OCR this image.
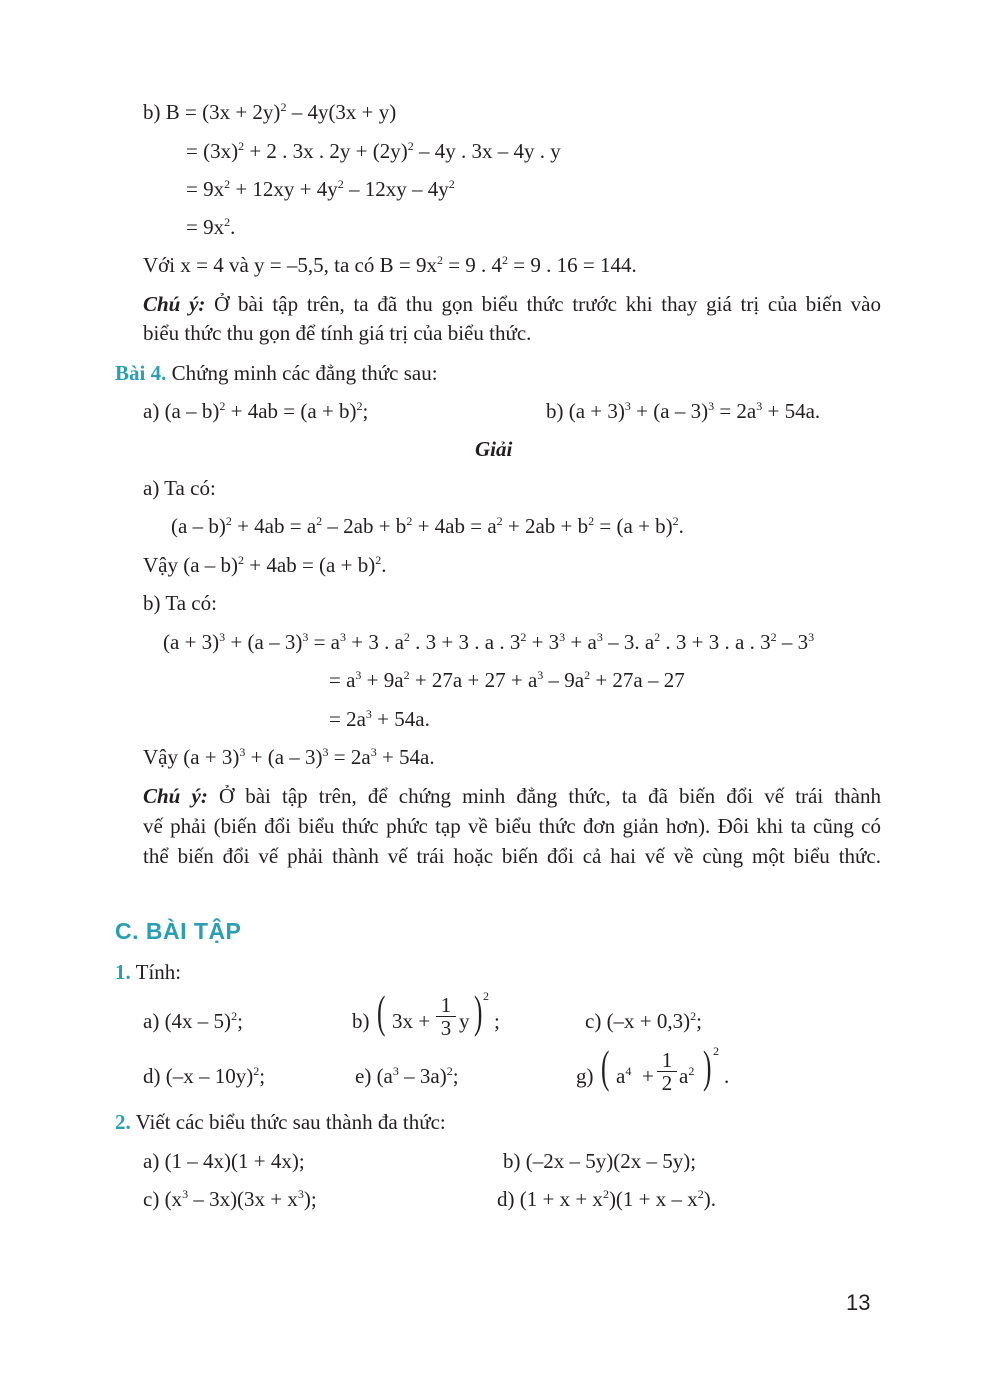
b) $B = (3x + 2y)^2 - 4y(3x + y)$
= $(3x)^2 + 2$ . 3x . $2y + (2y)^2 - 4y$ . 3x – 4y . y
= $9x^2 + 12xy + 4y^2 - 12xy - 4y^2$
= $9x^2$.
Với x = 4 và y = –5,5, ta có $B = 9x^2 = 9$ . $4^2 = 9$ . 16 = 144.
Chú ý: Ở bài tập trên, ta đã thu gọn biểu thức trước khi thay giá trị của biến vào
biểu thức thu gọn để tính giá trị của biểu thức.
Bài 4. Chứng minh các đẳng thức sau:
a) $(a - b)^2 + 4ab = (a + b)^2$;	b) $(a + 3)^3 + (a - 3)^3 = 2a^3 + 54a$.
Giải
a) Ta có:
$(a - b)^2 + 4ab = a^2 - 2ab + b^2 + 4ab = a^2 + 2ab + b^2 = (a + b)^2$.
Vậy $(a - b)^2 + 4ab = (a + b)^2$.
b) Ta có:
$(a + 3)^3 + (a - 3)^3 = a^3 + 3$ . $a^2$ . 3 + 3 . a . $3^2 + 3^3 + a^3 - 3$. $a^2$ . 3 + 3 . a . $3^2 - 3^3$
= $a^3 + 9a^2 + 27a + 27 + a^3 - 9a^2 + 27a - 27$
= $2a^3 + 54a$.
Vậy $(a + 3)^3 + (a - 3)^3 = 2a^3 + 54a$.
Chú ý: Ở bài tập trên, để chứng minh đẳng thức, ta đã biến đổi vế trái thành
vế phải (biến đổi biểu thức phức tạp về biểu thức đơn giản hơn). Đôi khi ta cũng có
thể biến đổi vế phải thành vế trái hoặc biến đổi cả hai vế về cùng một biểu thức.
C. BÀI TẬP
1. Tính:
a) (4x – 5)$^2$;	b) ( $3x + \frac{1}{3}$ y ) 2
;	c) $(-x + 0,3)^2$;
d) (–x – 10y)$^2$;	e) $(a^3 - 3a)^2$;	g) ( $a^4 + \frac{1}{2} a^2$ ) 2
.
2. Viết các biểu thức sau thành đa thức:
a) (1 – 4x)(1 + 4x);	b) (–2x – 5y)(2x – 5y);
c) $(x^3 - 3x)(3x + x^3)$;	d) $(1 + x + x^2)(1 + x - x^2)$.
13
